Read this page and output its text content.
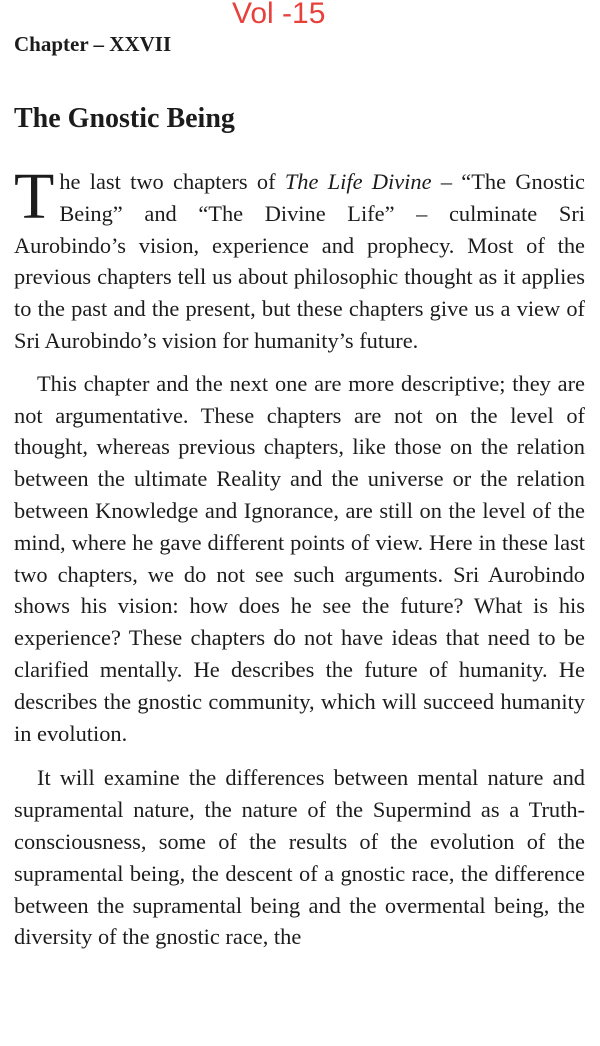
Vol -15
Chapter – XXVII
The Gnostic Being

The last two chapters of The Life Divine – “The Gnostic Being” and “The Divine Life” – culminate Sri Aurobindo’s vision, experience and prophecy. Most of the previous chapters tell us about philosophic thought as it applies to the past and the present, but these chapters give us a view of Sri Aurobindo’s vision for humanity’s future.

This chapter and the next one are more descriptive; they are not argumentative. These chapters are not on the level of thought, whereas previous chapters, like those on the relation between the ultimate Reality and the universe or the relation between Knowledge and Ignorance, are still on the level of the mind, where he gave different points of view. Here in these last two chapters, we do not see such arguments. Sri Aurobindo shows his vision: how does he see the future? What is his experience? These chapters do not have ideas that need to be clarified mentally. He describes the future of humanity. He describes the gnostic community, which will succeed humanity in evolution.

It will examine the differences between mental nature and supramental nature, the nature of the Supermind as a Truth-consciousness, some of the results of the evolution of the supramental being, the descent of a gnostic race, the difference between the supramental being and the overmental being, the diversity of the gnostic race, the
